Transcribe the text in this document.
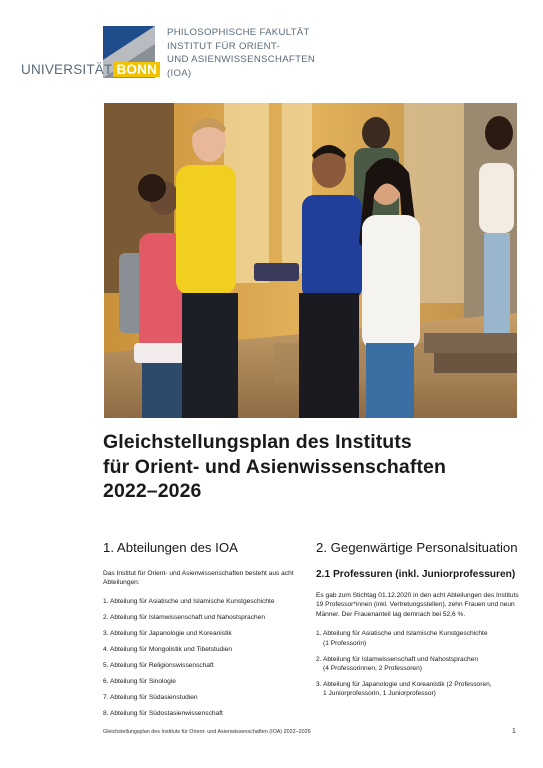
UNIVERSITÄT BONN
PHILOSOPHISCHE FAKULTÄT
INSTITUT FÜR ORIENT-
UND ASIENWISSENSCHAFTEN
(IOA)
Foto: Volker Lannert/Uni Bonn
Gleichstellungsplan des Instituts
für Orient- und Asienwissenschaften
2022–2026
1. Abteilungen des IOA

Das Institut für Orient- und Asienwissenschaften besteht aus acht Abteilungen:

1. Abteilung für Asiatische und Islamische Kunstgeschichte
2. Abteilung für Islamwissenschaft und Nahostsprachen
3. Abteilung für Japanologie und Koreanistik
4. Abteilung für Mongolistik und Tibetstudien
5. Abteilung für Religionswissenschaft
6. Abteilung für Sinologie
7. Abteilung für Südasienstudien
8. Abteilung für Südostasienwissenschaft
2. Gegenwärtige Personalsituation
2.1 Professuren (inkl. Juniorprofessuren)

Es gab zum Stichtag 01.12.2020 in den acht Abteilungen des Instituts 19 Professor*innen (inkl. Vertretungsstellen), zehn Frauen und neun Männer. Der Frauenanteil lag demnach bei 52,6 %.

1. Abteilung für Asiatische und Islamische Kunstgeschichte
(1 Professorin)
2. Abteilung für Islamwissenschaft und Nahostsprachen
(4 Professorinnen, 2 Professoren)
3. Abteilung für Japanologie und Koreanistik (2 Professoren,
1 Juniorprofessorin, 1 Juniorprofessor)
Gleichstellungsplan des Instituts für Orient- und Asienwissenschaften (IOA) 2022–2026	1
